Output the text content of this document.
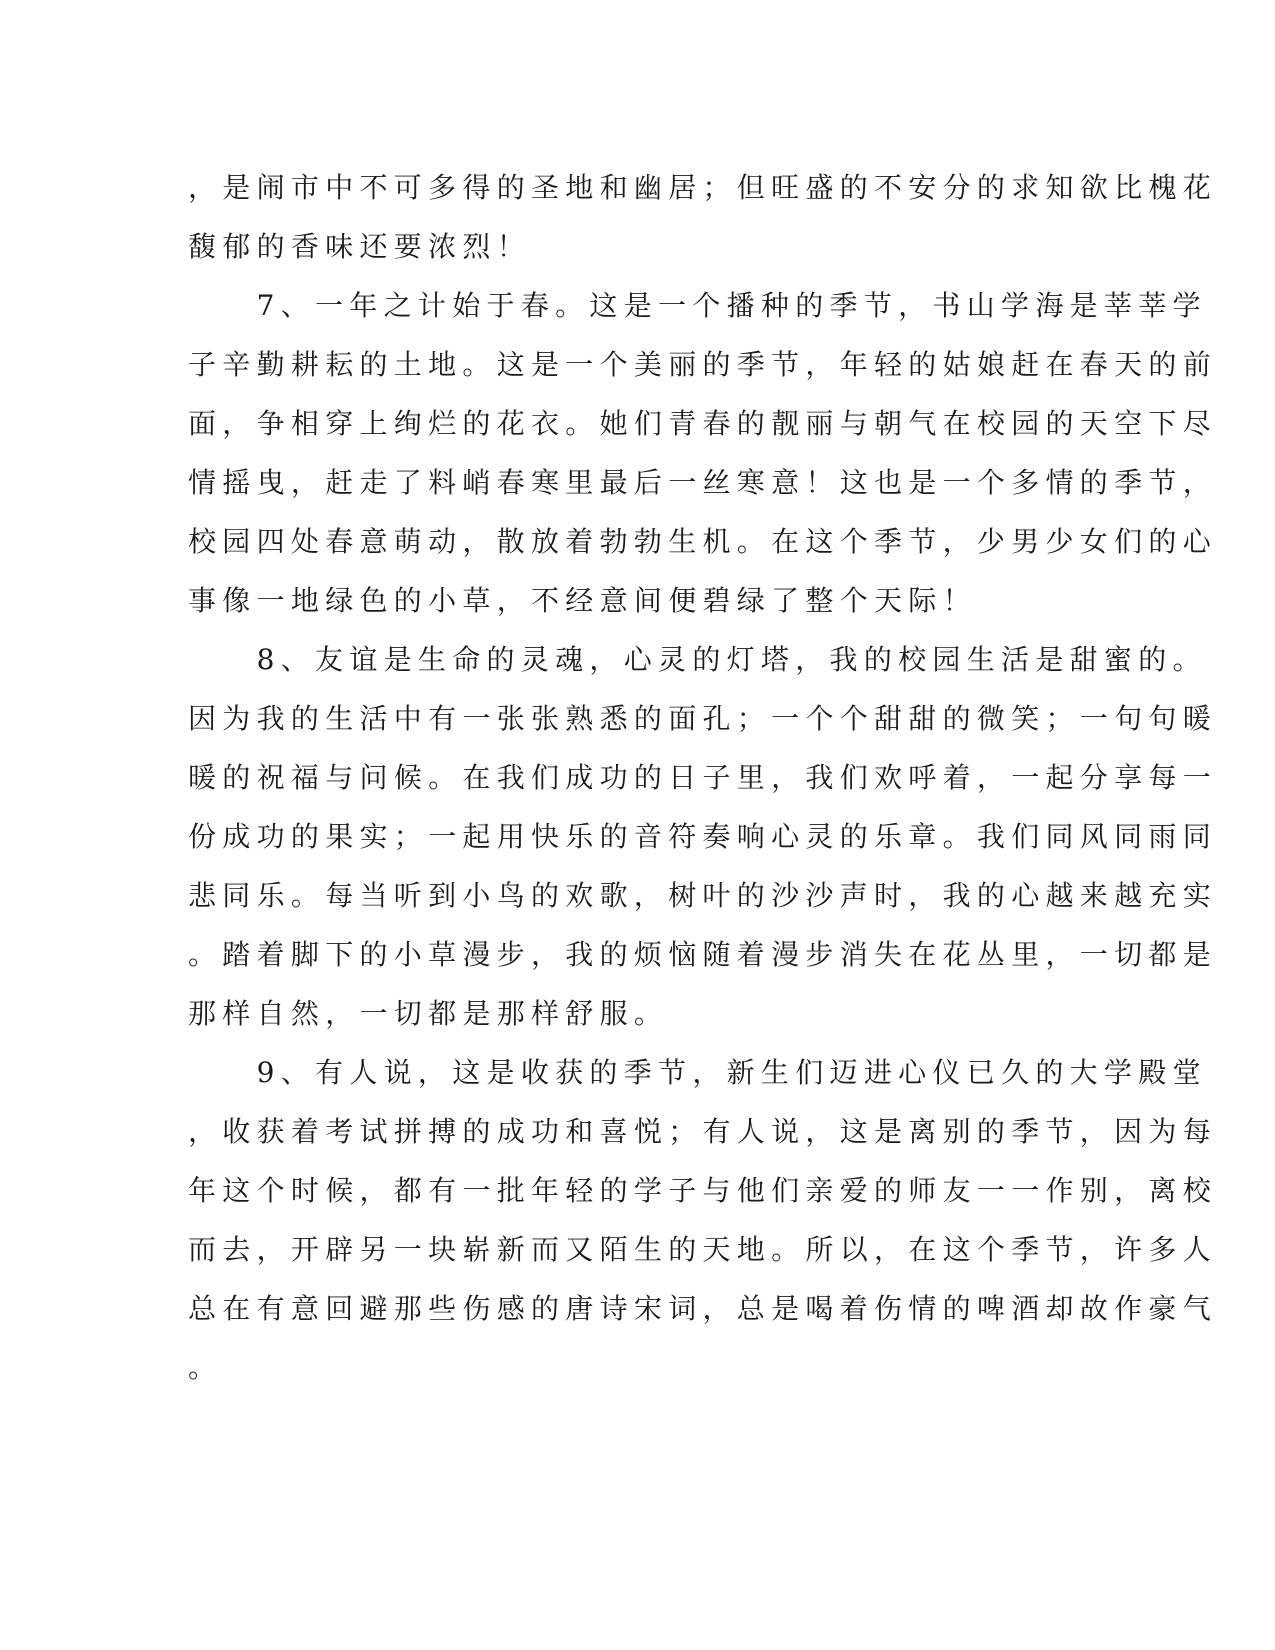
，是闹市中不可多得的圣地和幽居；但旺盛的不安分的求知欲比槐花
馥郁的香味还要浓烈！
　　7、一年之计始于春。这是一个播种的季节，书山学海是莘莘学
子辛勤耕耘的土地。这是一个美丽的季节，年轻的姑娘赶在春天的前
面，争相穿上绚烂的花衣。她们青春的靓丽与朝气在校园的天空下尽
情摇曳，赶走了料峭春寒里最后一丝寒意！这也是一个多情的季节，
校园四处春意萌动，散放着勃勃生机。在这个季节，少男少女们的心
事像一地绿色的小草，不经意间便碧绿了整个天际！
　　8、友谊是生命的灵魂，心灵的灯塔，我的校园生活是甜蜜的。
因为我的生活中有一张张熟悉的面孔；一个个甜甜的微笑；一句句暖
暖的祝福与问候。在我们成功的日子里，我们欢呼着，一起分享每一
份成功的果实；一起用快乐的音符奏响心灵的乐章。我们同风同雨同
悲同乐。每当听到小鸟的欢歌，树叶的沙沙声时，我的心越来越充实
。踏着脚下的小草漫步，我的烦恼随着漫步消失在花丛里，一切都是
那样自然，一切都是那样舒服。
　　9、有人说，这是收获的季节，新生们迈进心仪已久的大学殿堂
，收获着考试拼搏的成功和喜悦；有人说，这是离别的季节，因为每
年这个时候，都有一批年轻的学子与他们亲爱的师友一一作别，离校
而去，开辟另一块崭新而又陌生的天地。所以，在这个季节，许多人
总在有意回避那些伤感的唐诗宋词，总是喝着伤情的啤酒却故作豪气
。
